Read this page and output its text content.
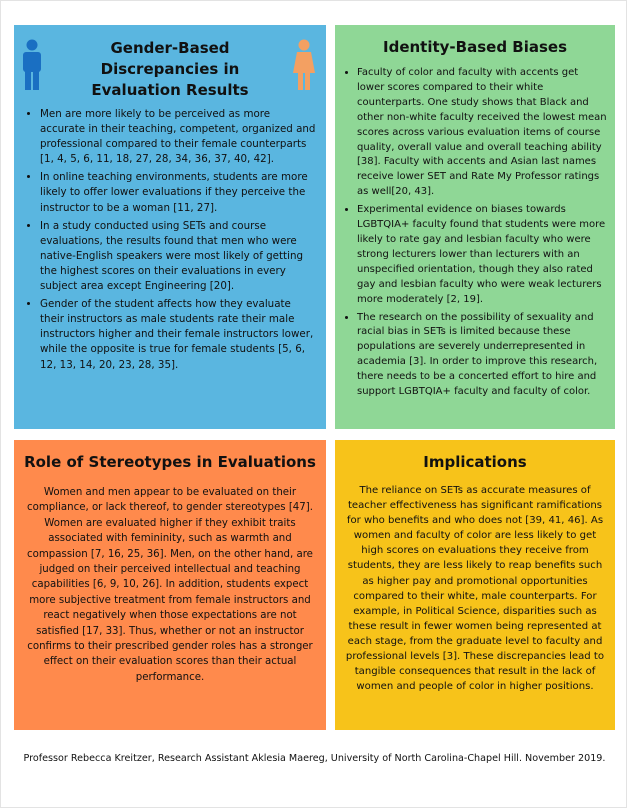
Gender-Based Discrepancies in Evaluation Results
• Men are more likely to be perceived as more accurate in their teaching, competent, organized and professional compared to their female counterparts [1, 4, 5, 6, 11, 18, 27, 28, 34, 36, 37, 40, 42].
• In online teaching environments, students are more likely to offer lower evaluations if they perceive the instructor to be a woman [11, 27].
• In a study conducted using SETs and course evaluations, the results found that men who were native-English speakers were most likely of getting the highest scores on their evaluations in every subject area except Engineering [20].
• Gender of the student affects how they evaluate their instructors as male students rate their male instructors higher and their female instructors lower, while the opposite is true for female students [5, 6, 12, 13, 14, 20, 23, 28, 35].
Identity-Based Biases
• Faculty of color and faculty with accents get lower scores compared to their white counterparts. One study shows that Black and other non-white faculty received the lowest mean scores across various evaluation items of course quality, overall value and overall teaching ability [38]. Faculty with accents and Asian last names receive lower SET and Rate My Professor ratings as well[20, 43].
• Experimental evidence on biases towards LGBTQIA+ faculty found that students were more likely to rate gay and lesbian faculty who were strong lecturers lower than lecturers with an unspecified orientation, though they also rated gay and lesbian faculty who were weak lecturers more moderately [2, 19].
• The research on the possibility of sexuality and racial bias in SETs is limited because these populations are severely underrepresented in academia [3]. In order to improve this research, there needs to be a concerted effort to hire and support LGBTQIA+ faculty and faculty of color.
Role of Stereotypes in Evaluations

Women and men appear to be evaluated on their compliance, or lack thereof, to gender stereotypes [47]. Women are evaluated higher if they exhibit traits associated with femininity, such as warmth and compassion [7, 16, 25, 36]. Men, on the other hand, are judged on their perceived intellectual and teaching capabilities [6, 9, 10, 26]. In addition, students expect more subjective treatment from female instructors and react negatively when those expectations are not satisfied [17, 33]. Thus, whether or not an instructor confirms to their prescribed gender roles has a stronger effect on their evaluation scores than their actual performance.

Implications

The reliance on SETs as accurate measures of teacher effectiveness has significant ramifications for who benefits and who does not [39, 41, 46]. As women and faculty of color are less likely to get high scores on evaluations they receive from students, they are less likely to reap benefits such as higher pay and promotional opportunities compared to their white, male counterparts. For example, in Political Science, disparities such as these result in fewer women being represented at each stage, from the graduate level to faculty and professional levels [3]. These discrepancies lead to tangible consequences that result in the lack of women and people of color in higher positions.

Professor Rebecca Kreitzer, Research Assistant Aklesia Maereg, University of North Carolina-Chapel Hill. November 2019.
